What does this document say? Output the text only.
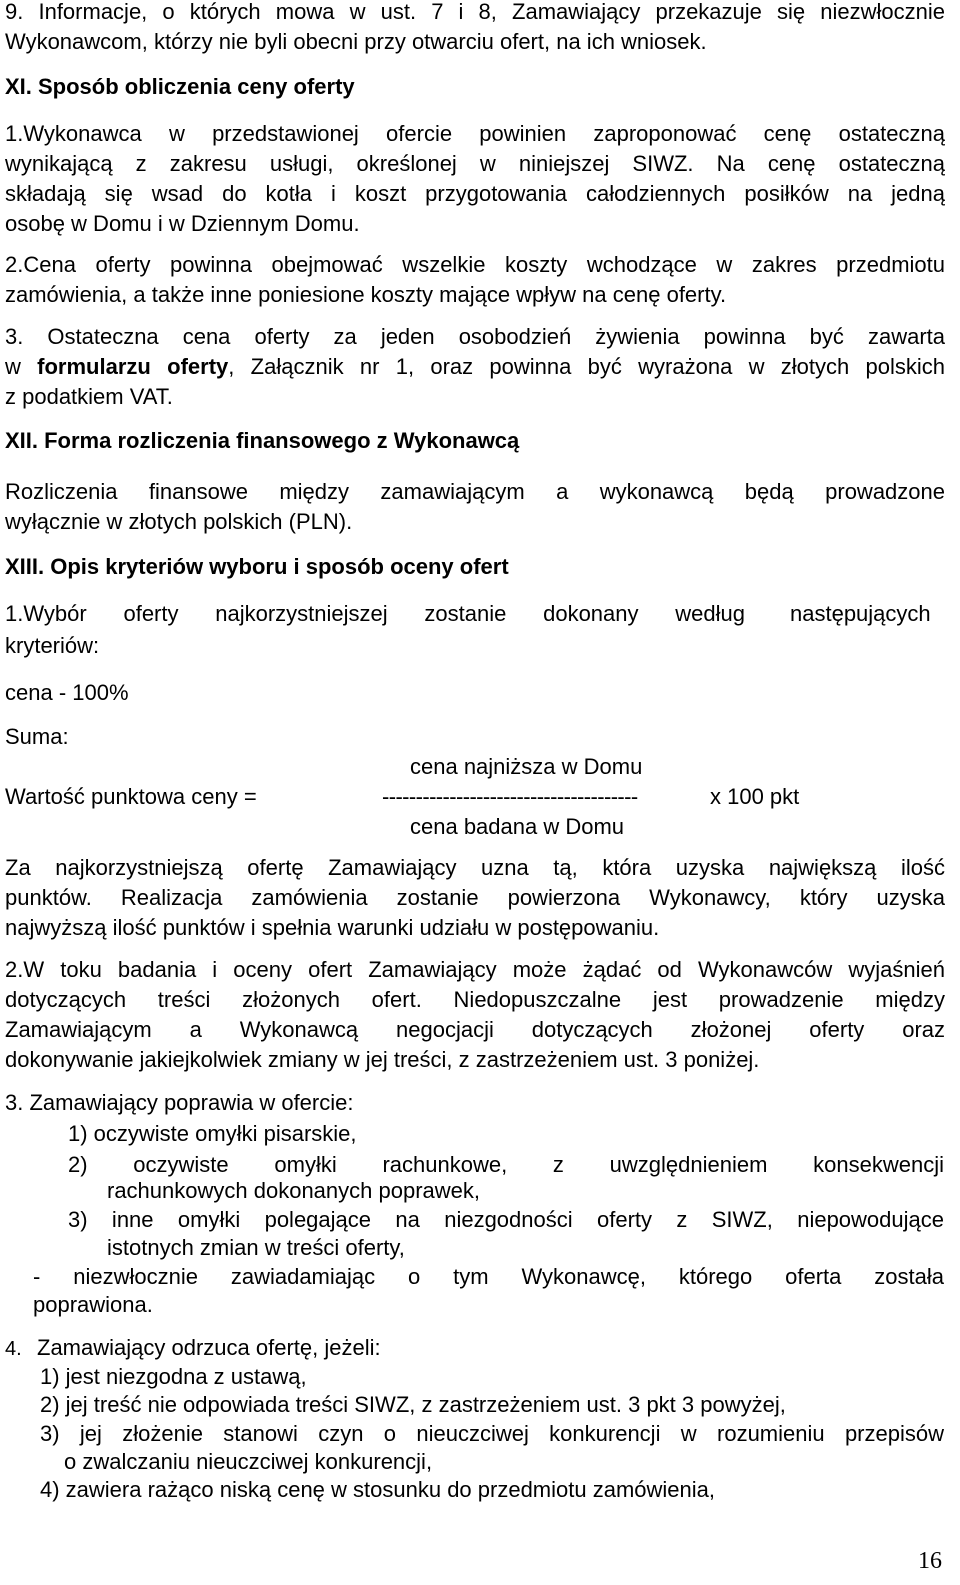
9. Informacje, o których mowa w ust. 7 i 8, Zamawiający przekazuje się niezwłocznie
Wykonawcom, którzy nie byli obecni przy otwarciu ofert, na ich wniosek.
XI. Sposób obliczenia ceny oferty
1.Wykonawca w przedstawionej ofercie powinien zaproponować cenę ostateczną
wynikającą z zakresu usługi, określonej w niniejszej SIWZ. Na cenę ostateczną
składają się wsad do kotła i koszt przygotowania całodziennych posiłków na jedną
osobę w Domu i w Dziennym Domu.
2.Cena oferty powinna obejmować wszelkie koszty wchodzące w zakres przedmiotu
zamówienia, a także inne poniesione koszty mające wpływ na cenę oferty.
3. Ostateczna cena oferty za jeden osobodzień żywienia powinna być zawarta
w formularzu oferty, Załącznik nr 1, oraz powinna być wyrażona w złotych polskich
z podatkiem VAT.
XII. Forma rozliczenia finansowego z Wykonawcą
Rozliczenia finansowe między zamawiającym a wykonawcą będą prowadzone
wyłącznie w złotych polskich (PLN).
XIII. Opis kryteriów wyboru i sposób oceny ofert
1.Wybór oferty najkorzystniejszej zostanie dokonany według następujących
kryteriów:
cena - 100%
Suma:
cena najniższa w Domu
Wartość punktowa ceny =	--------------------------------------	x 100 pkt
cena badana w Domu
Za najkorzystniejszą ofertę Zamawiający uzna tą, która uzyska największą ilość
punktów. Realizacja zamówienia zostanie powierzona Wykonawcy, który uzyska
najwyższą ilość punktów i spełnia warunki udziału w postępowaniu.
2.W toku badania i oceny ofert Zamawiający może żądać od Wykonawców wyjaśnień
dotyczących treści złożonych ofert. Niedopuszczalne jest prowadzenie między
Zamawiającym a Wykonawcą negocjacji dotyczących złożonej oferty oraz
dokonywanie jakiejkolwiek zmiany w jej treści, z zastrzeżeniem ust. 3 poniżej.
3. Zamawiający poprawia w ofercie:
1) oczywiste omyłki pisarskie,
2) oczywiste omyłki rachunkowe, z uwzględnieniem konsekwencji
rachunkowych dokonanych poprawek,
3) inne omyłki polegające na niezgodności oferty z SIWZ, niepowodujące
istotnych zmian w treści oferty,
- niezwłocznie zawiadamiając o tym Wykonawcę, którego oferta została
poprawiona.
4. Zamawiający odrzuca ofertę, jeżeli:
1) jest niezgodna z ustawą,
2) jej treść nie odpowiada treści SIWZ, z zastrzeżeniem ust. 3 pkt 3 powyżej,
3) jej złożenie stanowi czyn o nieuczciwej konkurencji w rozumieniu przepisów
o zwalczaniu nieuczciwej konkurencji,
4) zawiera rażąco niską cenę w stosunku do przedmiotu zamówienia,
16
